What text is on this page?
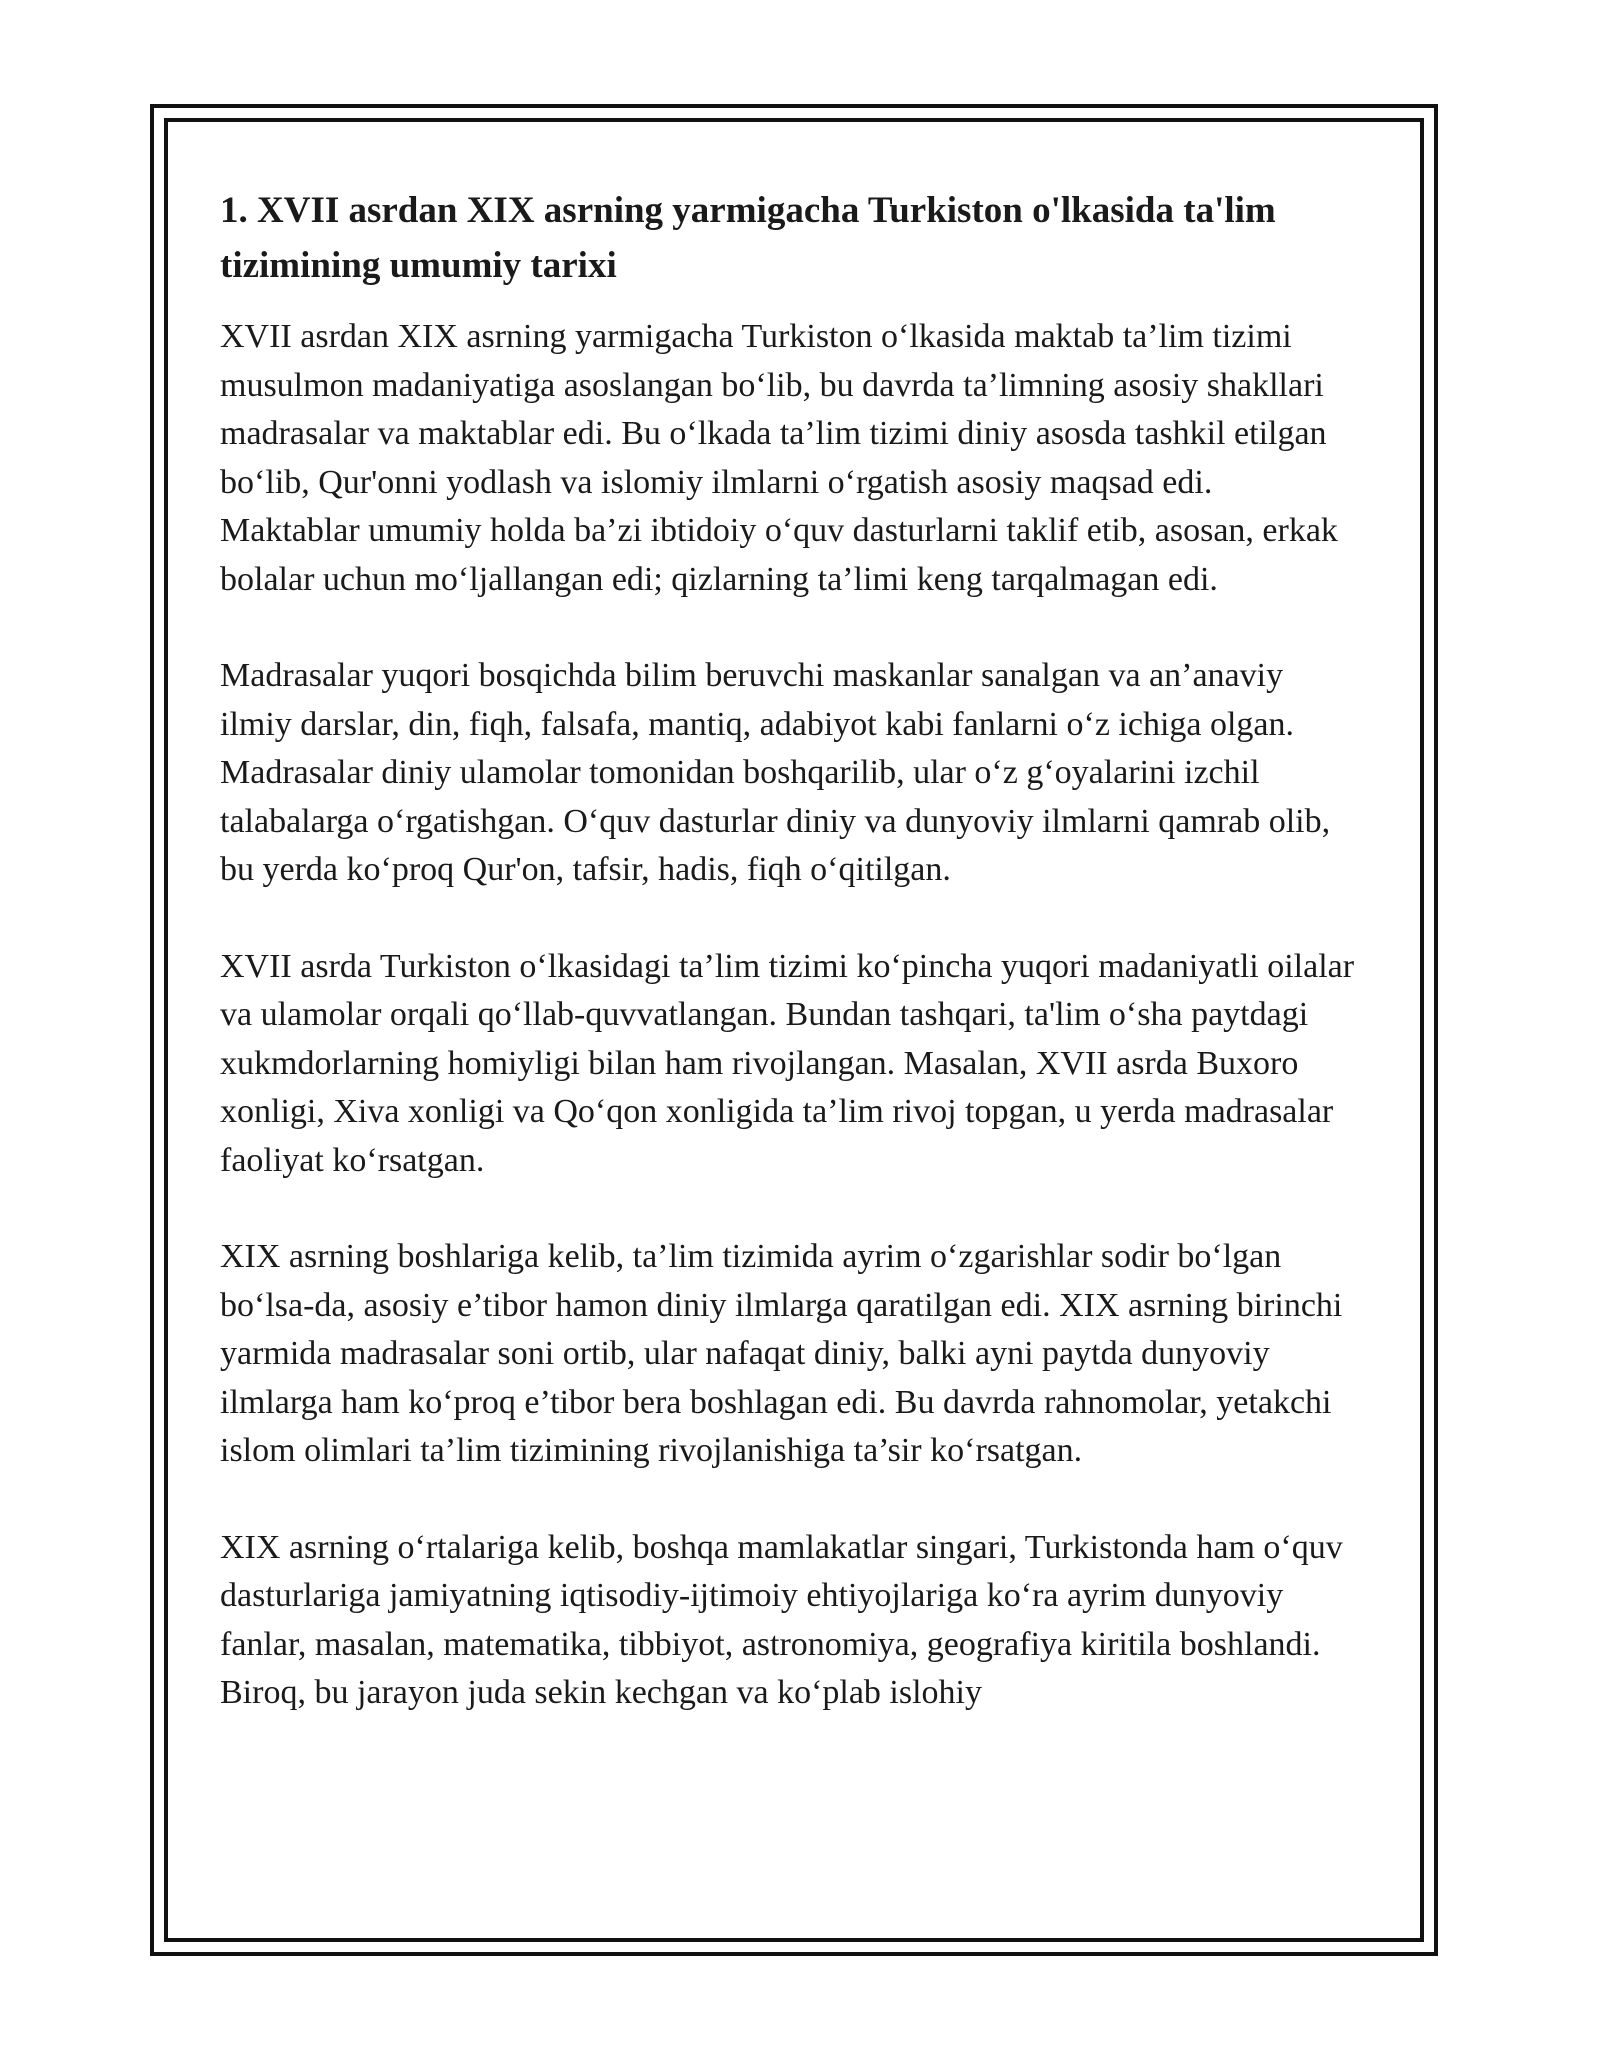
1. XVII asrdan XIX asrning yarmigacha Turkiston o'lkasida ta'lim tizimining umumiy tarixi

XVII asrdan XIX asrning yarmigacha Turkiston o‘lkasida maktab ta’lim tizimi musulmon madaniyatiga asoslangan bo‘lib, bu davrda ta’limning asosiy shakllari madrasalar va maktablar edi. Bu o‘lkada ta’lim tizimi diniy asosda tashkil etilgan bo‘lib, Qur'onni yodlash va islomiy ilmlarni o‘rgatish asosiy maqsad edi. Maktablar umumiy holda ba’zi ibtidoiy o‘quv dasturlarni taklif etib, asosan, erkak bolalar uchun mo‘ljallangan edi; qizlarning ta’limi keng tarqalmagan edi.

Madrasalar yuqori bosqichda bilim beruvchi maskanlar sanalgan va an’anaviy ilmiy darslar, din, fiqh, falsafa, mantiq, adabiyot kabi fanlarni o‘z ichiga olgan. Madrasalar diniy ulamolar tomonidan boshqarilib, ular o‘z g‘oyalarini izchil talabalarga o‘rgatishgan. O‘quv dasturlar diniy va dunyoviy ilmlarni qamrab olib, bu yerda ko‘proq Qur'on, tafsir, hadis, fiqh o‘qitilgan.

XVII asrda Turkiston o‘lkasidagi ta’lim tizimi ko‘pincha yuqori madaniyatli oilalar va ulamolar orqali qo‘llab-quvvatlangan. Bundan tashqari, ta'lim o‘sha paytdagi xukmdorlarning homiyligi bilan ham rivojlangan. Masalan, XVII asrda Buxoro xonligi, Xiva xonligi va Qo‘qon xonligida ta’lim rivoj topgan, u yerda madrasalar faoliyat ko‘rsatgan.

XIX asrning boshlariga kelib, ta’lim tizimida ayrim o‘zgarishlar sodir bo‘lgan bo‘lsa-da, asosiy e’tibor hamon diniy ilmlarga qaratilgan edi. XIX asrning birinchi yarmida madrasalar soni ortib, ular nafaqat diniy, balki ayni paytda dunyoviy ilmlarga ham ko‘proq e’tibor bera boshlagan edi. Bu davrda rahnomolar, yetakchi islom olimlari ta’lim tizimining rivojlanishiga ta’sir ko‘rsatgan.

XIX asrning o‘rtalariga kelib, boshqa mamlakatlar singari, Turkistonda ham o‘quv dasturlariga jamiyatning iqtisodiy-ijtimoiy ehtiyojlariga ko‘ra ayrim dunyoviy fanlar, masalan, matematika, tibbiyot, astronomiya, geografiya kiritila boshlandi. Biroq, bu jarayon juda sekin kechgan va ko‘plab islohiy
